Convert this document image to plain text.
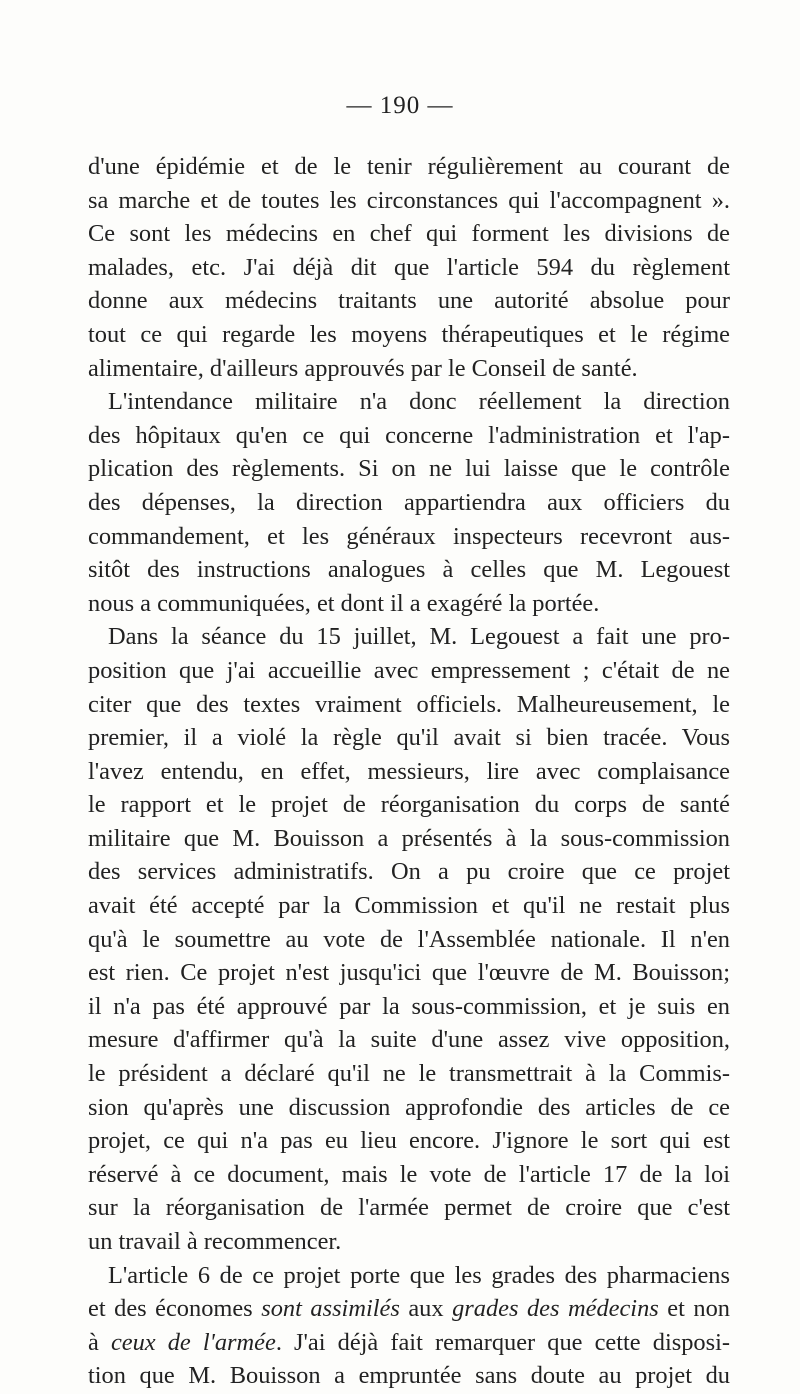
— 190 —
d'une épidémie et de le tenir régulièrement au courant de
sa marche et de toutes les circonstances qui l'accompagnent ».
Ce sont les médecins en chef qui forment les divisions de
malades, etc. J'ai déjà dit que l'article 594 du règlement
donne aux médecins traitants une autorité absolue pour
tout ce qui regarde les moyens thérapeutiques et le régime
alimentaire, d'ailleurs approuvés par le Conseil de santé.
L'intendance militaire n'a donc réellement la direction
des hôpitaux qu'en ce qui concerne l'administration et l'ap-
plication des règlements. Si on ne lui laisse que le contrôle
des dépenses, la direction appartiendra aux officiers du
commandement, et les généraux inspecteurs recevront aus-
sitôt des instructions analogues à celles que M. Legouest
nous a communiquées, et dont il a exagéré la portée.
Dans la séance du 15 juillet, M. Legouest a fait une pro-
position que j'ai accueillie avec empressement ; c'était de ne
citer que des textes vraiment officiels. Malheureusement, le
premier, il a violé la règle qu'il avait si bien tracée. Vous
l'avez entendu, en effet, messieurs, lire avec complaisance
le rapport et le projet de réorganisation du corps de santé
militaire que M. Bouisson a présentés à la sous-commission
des services administratifs. On a pu croire que ce projet
avait été accepté par la Commission et qu'il ne restait plus
qu'à le soumettre au vote de l'Assemblée nationale. Il n'en
est rien. Ce projet n'est jusqu'ici que l'œuvre de M. Bouisson;
il n'a pas été approuvé par la sous-commission, et je suis en
mesure d'affirmer qu'à la suite d'une assez vive opposition,
le président a déclaré qu'il ne le transmettrait à la Commis-
sion qu'après une discussion approfondie des articles de ce
projet, ce qui n'a pas eu lieu encore. J'ignore le sort qui est
réservé à ce document, mais le vote de l'article 17 de la loi
sur la réorganisation de l'armée permet de croire que c'est
un travail à recommencer.
L'article 6 de ce projet porte que les grades des pharmaciens
et des économes sont assimilés aux grades des médecins et non
à ceux de l'armée. J'ai déjà fait remarquer que cette disposi-
tion que M. Bouisson a empruntée sans doute au projet du
